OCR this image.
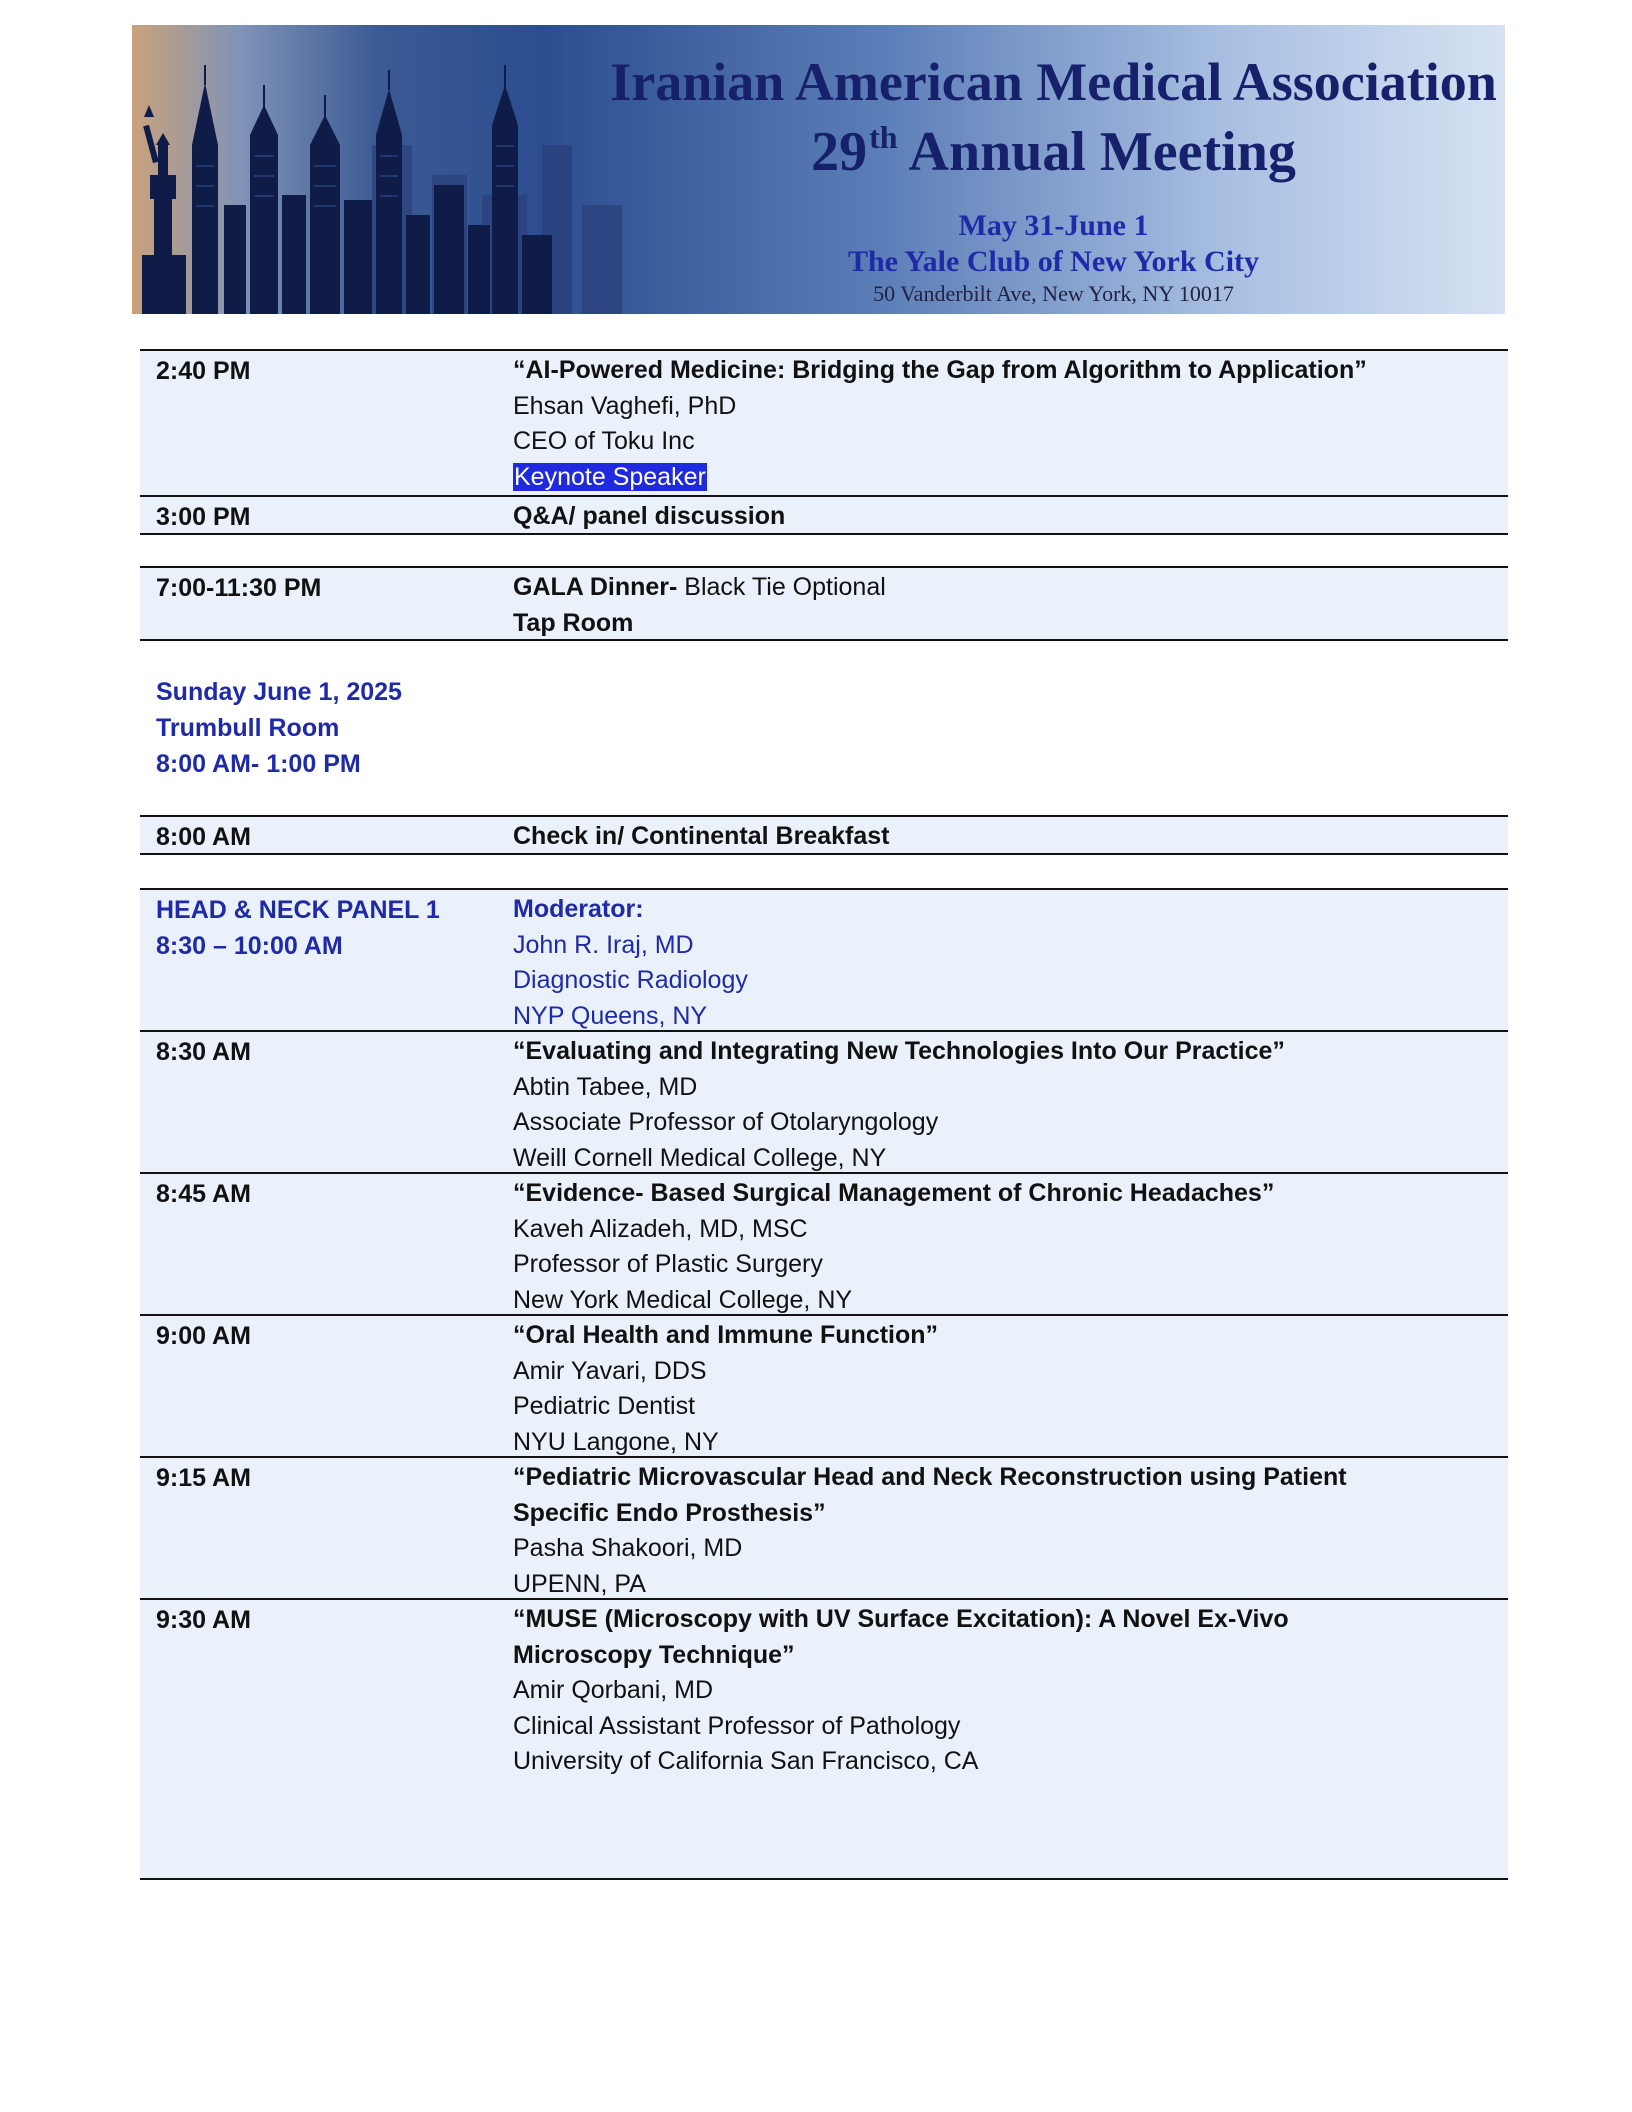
Iranian American Medical Association
29th Annual Meeting
May 31-June 1
The Yale Club of New York City
50 Vanderbilt Ave, New York, NY 10017
2:40 PM	“AI-Powered Medicine: Bridging the Gap from Algorithm to Application”
Ehsan Vaghefi, PhD
CEO of Toku Inc
Keynote Speaker
3:00 PM	Q&A/ panel discussion
7:00-11:30 PM	GALA Dinner- Black Tie Optional
Tap Room
Sunday June 1, 2025
Trumbull Room
8:00 AM- 1:00 PM
8:00 AM	Check in/ Continental Breakfast
HEAD & NECK PANEL 1
8:30 – 10:00 AM
Moderator:
John R. Iraj, MD
Diagnostic Radiology
NYP Queens, NY
8:30 AM	“Evaluating and Integrating New Technologies Into Our Practice”
Abtin Tabee, MD
Associate Professor of Otolaryngology
Weill Cornell Medical College, NY
8:45 AM	“Evidence- Based Surgical Management of Chronic Headaches”
Kaveh Alizadeh, MD, MSC
Professor of Plastic Surgery
New York Medical College, NY
9:00 AM	“Oral Health and Immune Function”
Amir Yavari, DDS
Pediatric Dentist
NYU Langone, NY
9:15 AM	“Pediatric Microvascular Head and Neck Reconstruction using Patient
Specific Endo Prosthesis”
Pasha Shakoori, MD
UPENN, PA
9:30 AM	“MUSE (Microscopy with UV Surface Excitation): A Novel Ex-Vivo
Microscopy Technique”
Amir Qorbani, MD
Clinical Assistant Professor of Pathology
University of California San Francisco, CA
